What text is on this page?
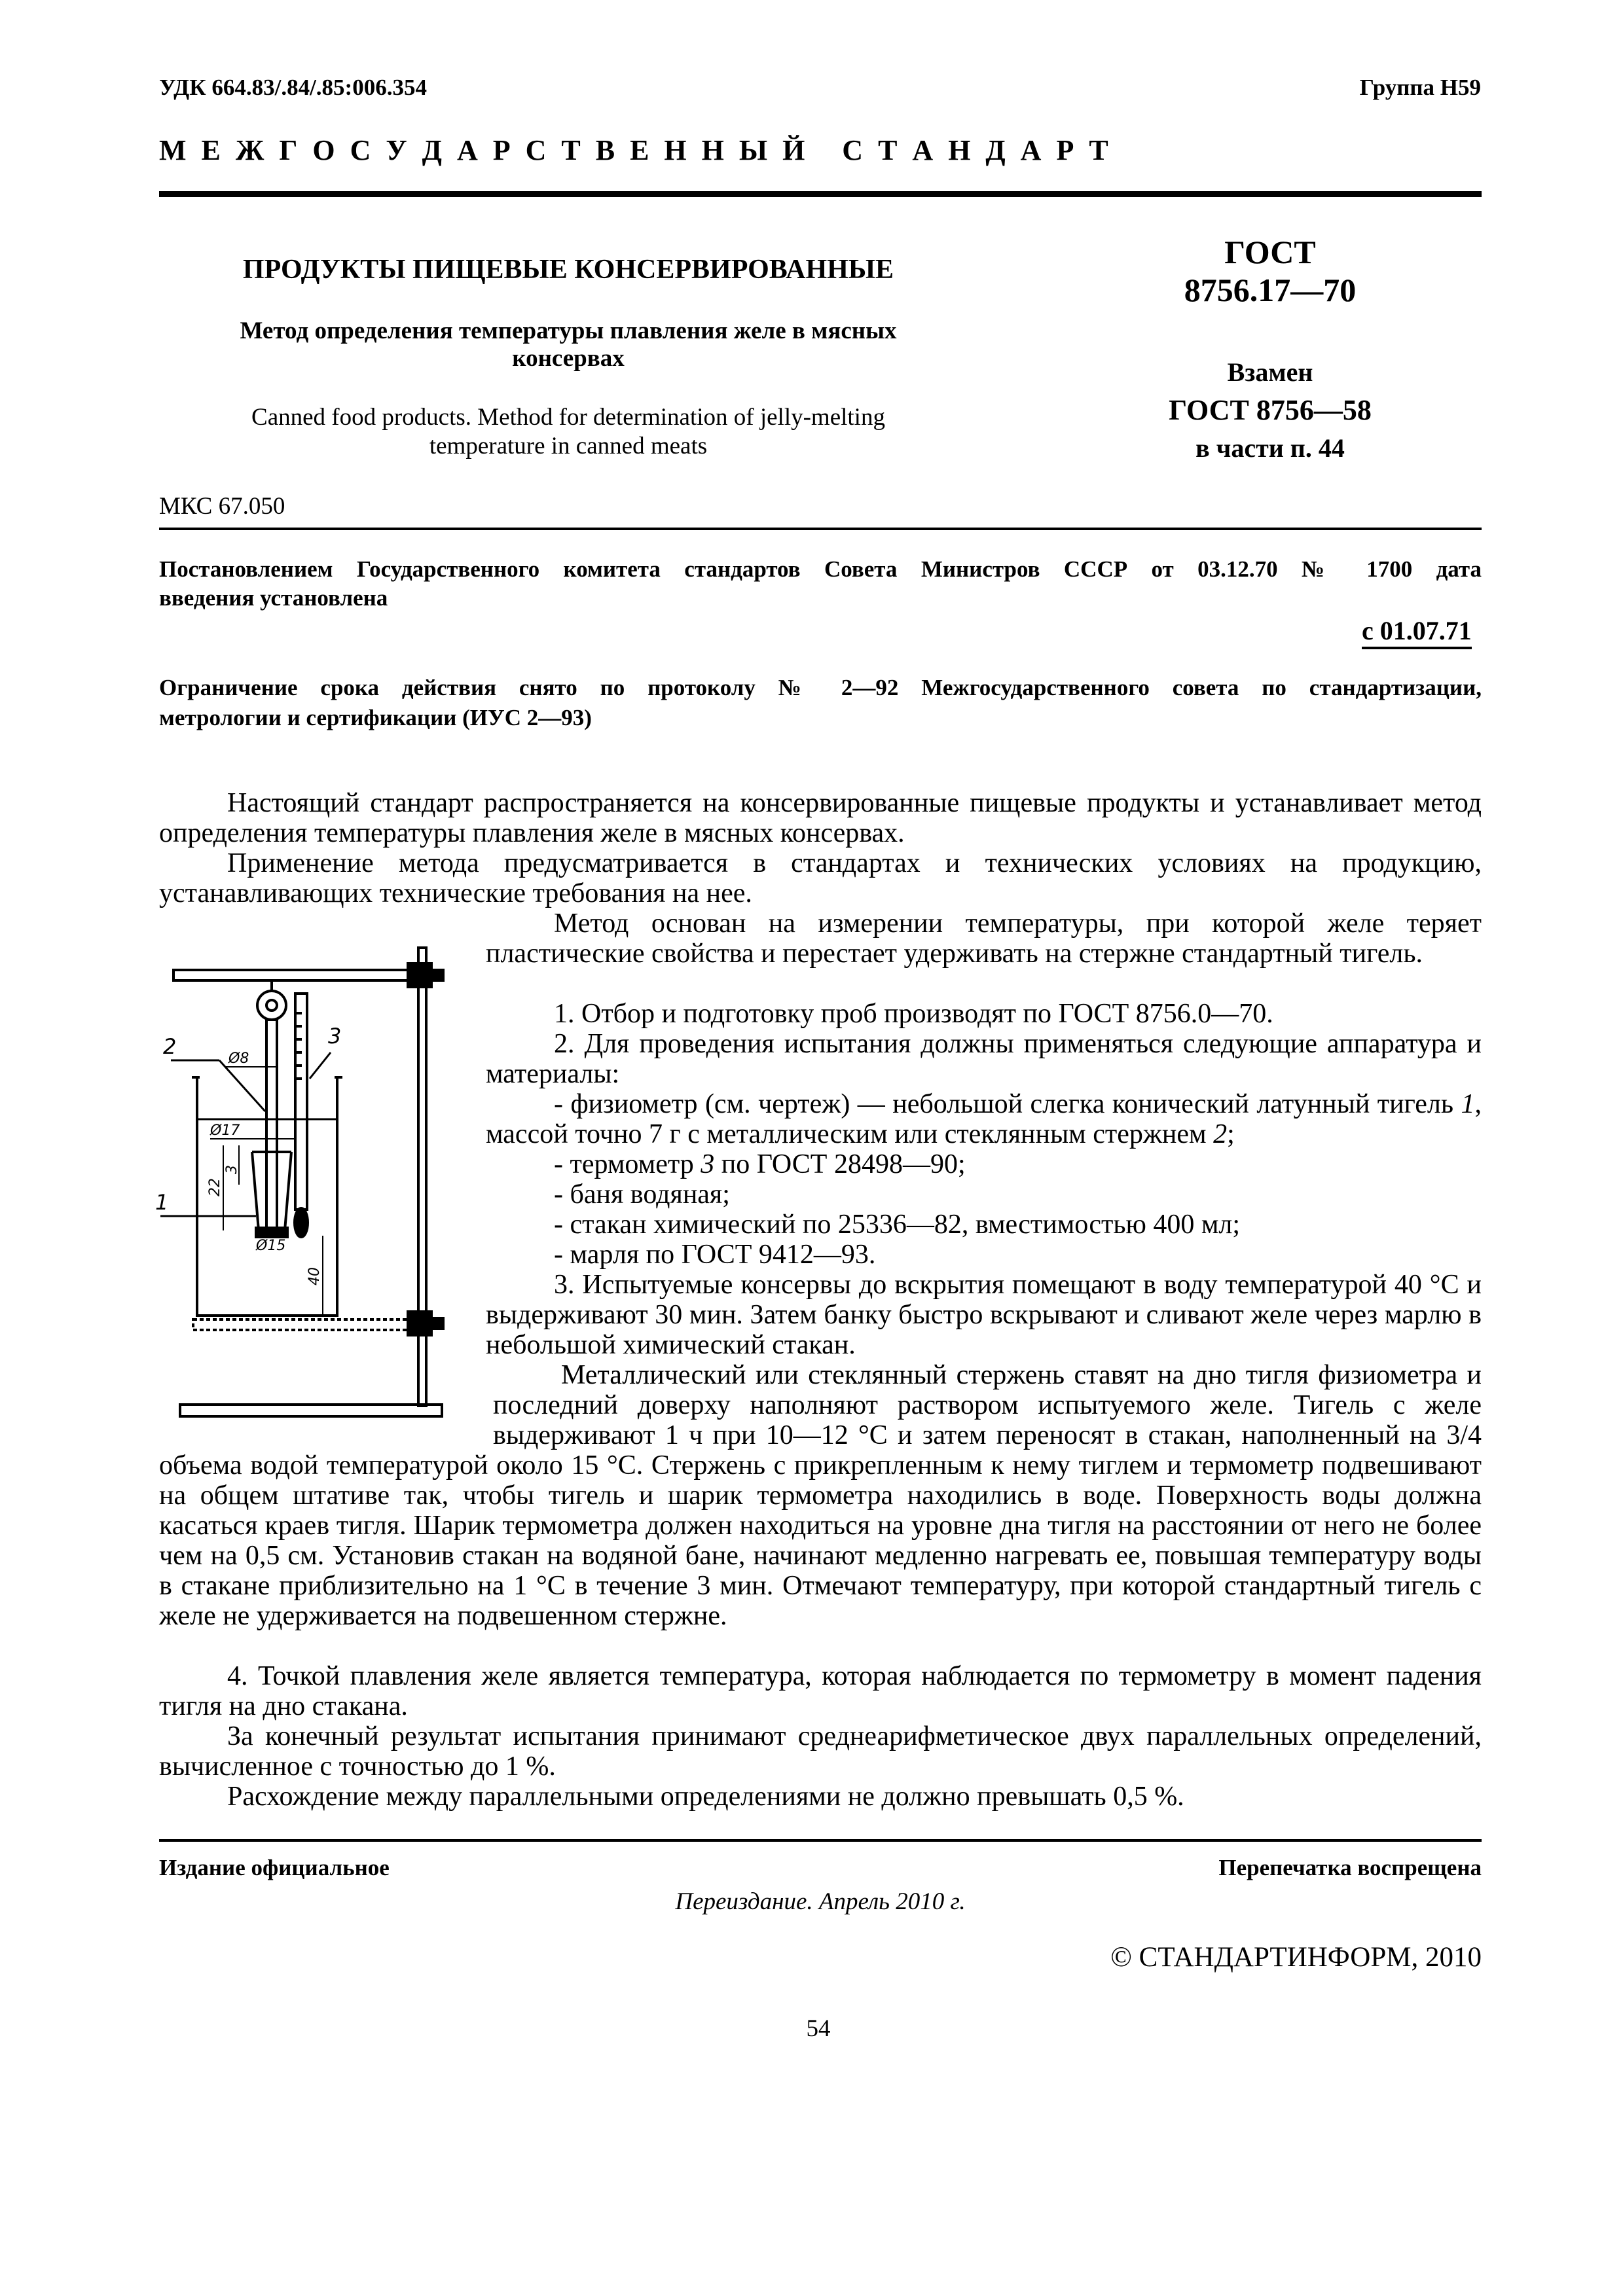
УДК 664.83/.84/.85:006.354	Группа Н59
М Е Ж Г О С У Д А Р С Т В Е Н Н Ы Й   С Т А Н Д А Р Т
ПРОДУКТЫ ПИЩЕВЫЕ КОНСЕРВИРОВАННЫЕ
Метод определения температуры плавления желе в мясных
консервах
Canned food products. Method for determination of jelly-melting
temperature in canned meats
МКС 67.050
ГОСТ
8756.17—70
Взамен
ГОСТ 8756—58
в части п. 44
Постановлением Государственного комитета стандартов Совета Министров СССР от 03.12.70 № 1700 дата
введения установлена
с 01.07.71
Ограничение срока действия снято по протоколу № 2—92 Межгосударственного совета по стандартизации,
метрологии и сертификации (ИУС 2—93)
Настоящий стандарт распространяется на консервированные пищевые продукты и устанавливает метод определения температуры плавления желе в мясных консервах.
Применение метода предусматривается в стандартах и технических условиях на продукцию, устанавливающих технические требования на нее.
Метод основан на измерении температуры, при которой желе теряет пластические свойства и перестает удерживать на стержне стандартный тигель.
1. Отбор и подготовку проб производят по ГОСТ 8756.0—70.
2. Для проведения испытания должны применяться следующие аппаратура и материалы:
- физиометр (см. чертеж) — небольшой слегка конический латунный тигель 1, массой точно 7 г с металлическим или стеклянным стержнем 2;
- термометр 3 по ГОСТ 28498—90;
- баня водяная;
- стакан химический по 25336—82, вместимостью 400 мл;
- марля по ГОСТ 9412—93.
3. Испытуемые консервы до вскрытия помещают в воду температурой 40 °С и выдерживают 30 мин. Затем банку быстро вскрывают и сливают желе через марлю в небольшой химический стакан.
Металлический или стеклянный стержень ставят на дно тигля физиометра и последний доверху наполняют раствором испытуемого желе. Тигель с желе выдерживают 1 ч при 10—12 °С и затем переносят в стакан, наполненный на 3/4 объема водой температурой около 15 °С. Стержень с прикрепленным к нему тиглем и термометр подвешивают на общем штативе так, чтобы тигель и шарик термометра находились в воде. Поверхность воды должна касаться краев тигля. Шарик термометра должен находиться на уровне дна тигля на расстоянии от него не более чем на 0,5 см. Установив стакан на водяной бане, начинают медленно нагревать ее, повышая температуру воды в стакане приблизительно на 1 °С в течение 3 мин. Отмечают температуру, при которой стандартный тигель с желе не удерживается на подвешенном стержне.
4. Точкой плавления желе является температура, которая наблюдается по термометру в момент падения тигля на дно стакана.
За конечный результат испытания принимают среднеарифметическое двух параллельных определений, вычисленное с точностью до 1 %.
Расхождение между параллельными определениями не должно превышать 0,5 %.
2	3
1
Ø8
Ø17
Ø15
22
3
40
Издание официальное	Перепечатка воспрещена
Переиздание. Апрель 2010 г.
© СТАНДАРТИНФОРМ, 2010
54
